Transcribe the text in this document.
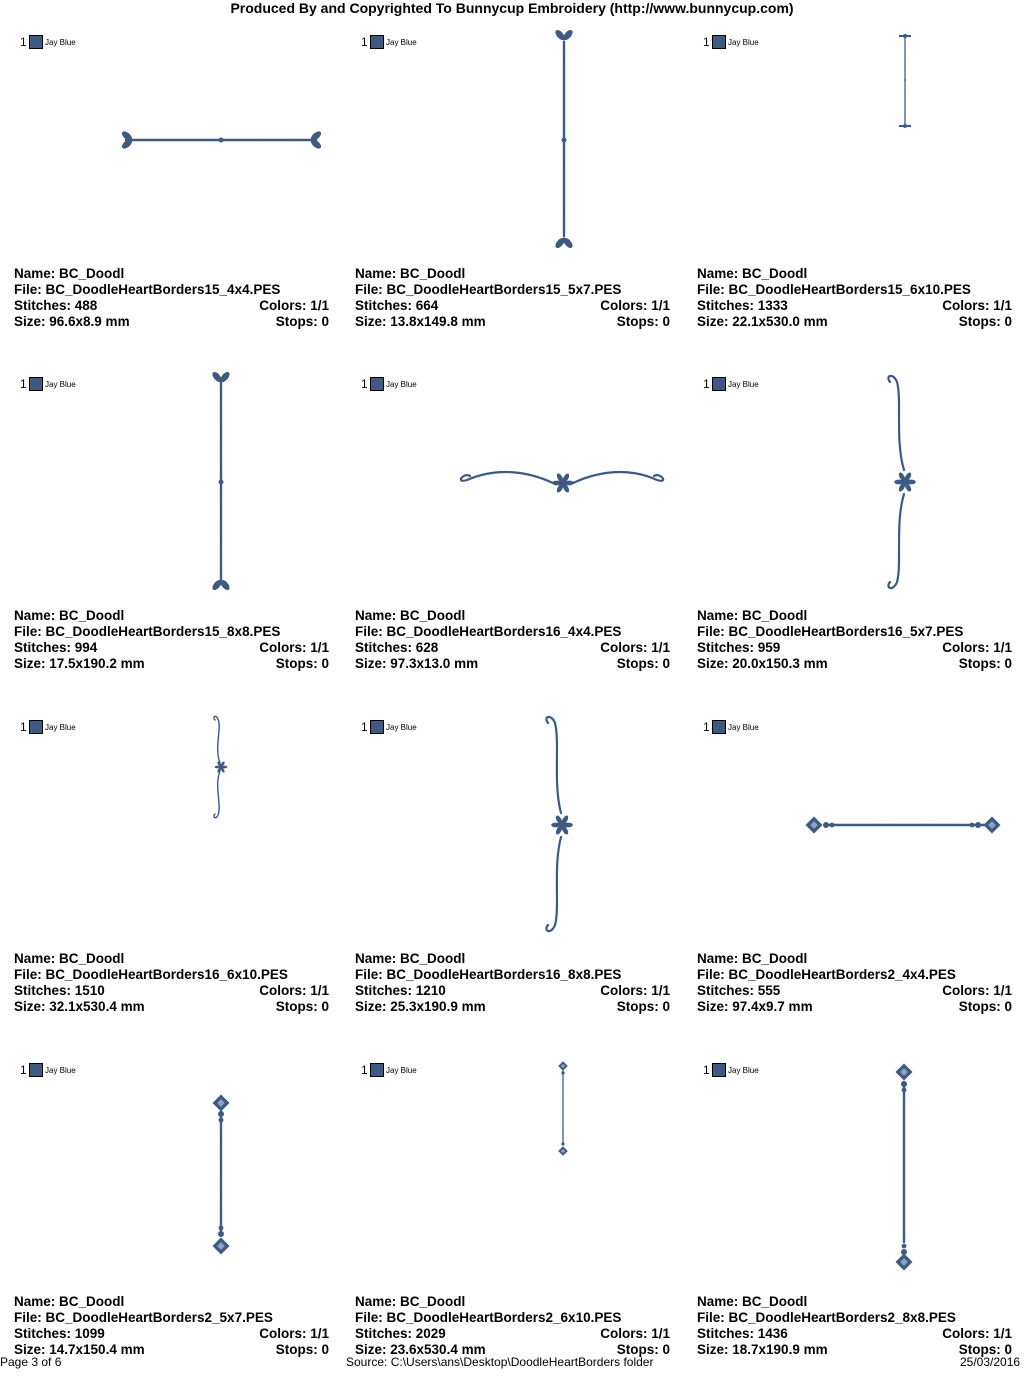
Produced By and Copyrighted To Bunnycup Embroidery (http://www.bunnycup.com)
1 Jay Blue
Name: BC_Doodl
File: BC_DoodleHeartBorders15_4x4.PES
Stitches: 488	Colors: 1/1
Size: 96.6x8.9 mm	Stops: 0
1 Jay Blue
Name: BC_Doodl
File: BC_DoodleHeartBorders15_5x7.PES
Stitches: 664	Colors: 1/1
Size: 13.8x149.8 mm	Stops: 0
1 Jay Blue
Name: BC_Doodl
File: BC_DoodleHeartBorders15_6x10.PES
Stitches: 1333	Colors: 1/1
Size: 22.1x530.0 mm	Stops: 0
1 Jay Blue
Name: BC_Doodl
File: BC_DoodleHeartBorders15_8x8.PES
Stitches: 994	Colors: 1/1
Size: 17.5x190.2 mm	Stops: 0
1 Jay Blue
Name: BC_Doodl
File: BC_DoodleHeartBorders16_4x4.PES
Stitches: 628	Colors: 1/1
Size: 97.3x13.0 mm	Stops: 0
1 Jay Blue
Name: BC_Doodl
File: BC_DoodleHeartBorders16_5x7.PES
Stitches: 959	Colors: 1/1
Size: 20.0x150.3 mm	Stops: 0
1 Jay Blue
Name: BC_Doodl
File: BC_DoodleHeartBorders16_6x10.PES
Stitches: 1510	Colors: 1/1
Size: 32.1x530.4 mm	Stops: 0
1 Jay Blue
Name: BC_Doodl
File: BC_DoodleHeartBorders16_8x8.PES
Stitches: 1210	Colors: 1/1
Size: 25.3x190.9 mm	Stops: 0
1 Jay Blue
Name: BC_Doodl
File: BC_DoodleHeartBorders2_4x4.PES
Stitches: 555	Colors: 1/1
Size: 97.4x9.7 mm	Stops: 0
1 Jay Blue
Name: BC_Doodl
File: BC_DoodleHeartBorders2_5x7.PES
Stitches: 1099	Colors: 1/1
Size: 14.7x150.4 mm	Stops: 0
1 Jay Blue
Name: BC_Doodl
File: BC_DoodleHeartBorders2_6x10.PES
Stitches: 2029	Colors: 1/1
Size: 23.6x530.4 mm	Stops: 0
1 Jay Blue
Name: BC_Doodl
File: BC_DoodleHeartBorders2_8x8.PES
Stitches: 1436	Colors: 1/1
Size: 18.7x190.9 mm	Stops: 0
Page 3 of 6	Source: C:\Users\ans\Desktop\DoodleHeartBorders folder	25/03/2016
